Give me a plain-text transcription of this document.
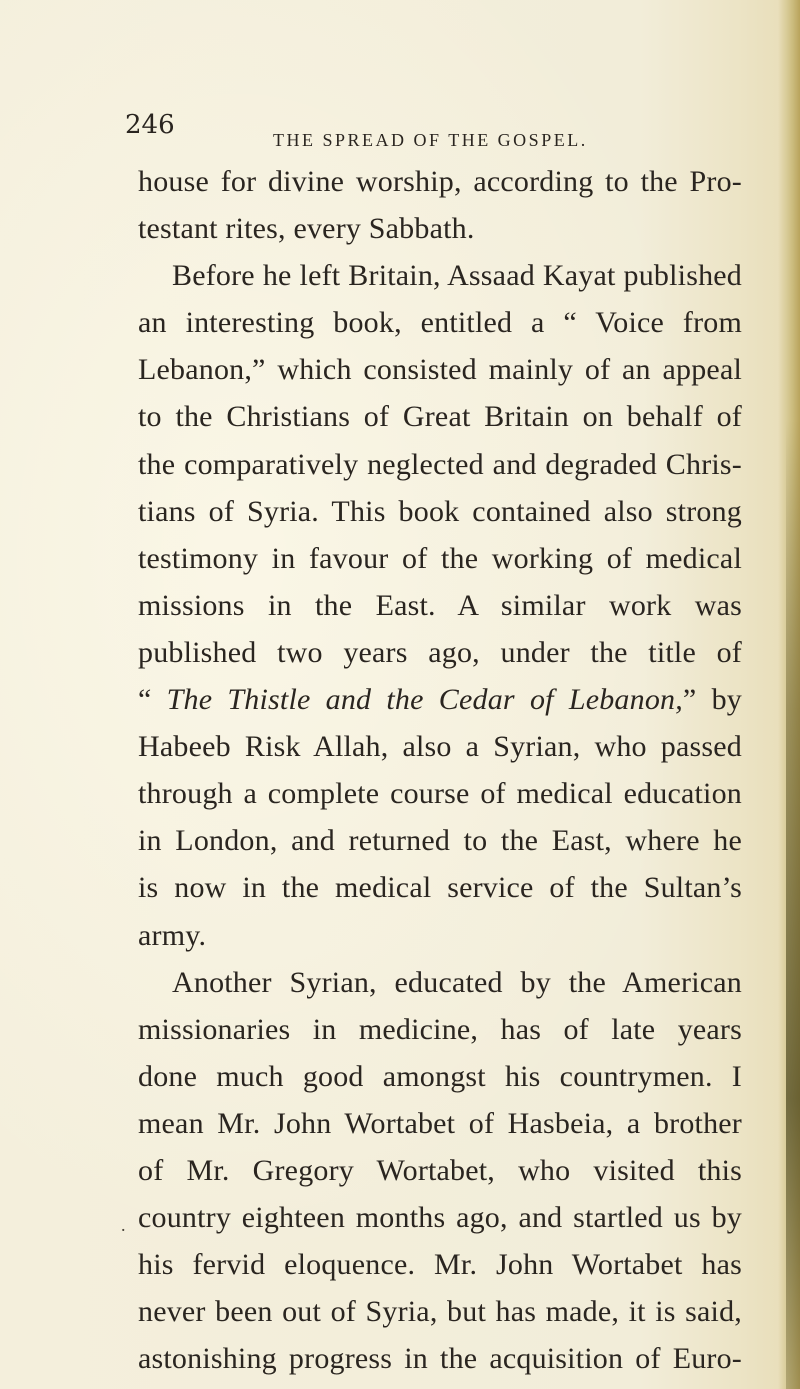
246	THE SPREAD OF THE GOSPEL.
house for divine worship, according to the Pro-
testant rites, every Sabbath.
Before he left Britain, Assaad Kayat published
an interesting book, entitled a “ Voice from
Lebanon,” which consisted mainly of an appeal
to the Christians of Great Britain on behalf of
the comparatively neglected and degraded Chris-
tians of Syria. This book contained also strong
testimony in favour of the working of medical
missions in the East. A similar work was
published two years ago, under the title of
“ The Thistle and the Cedar of Lebanon,” by
Habeeb Risk Allah, also a Syrian, who passed
through a complete course of medical education
in London, and returned to the East, where he
is now in the medical service of the Sultan’s
army.
Another Syrian, educated by the American
missionaries in medicine, has of late years
done much good amongst his countrymen. I
mean Mr. John Wortabet of Hasbeia, a brother
of Mr. Gregory Wortabet, who visited this
country eighteen months ago, and startled us by
his fervid eloquence. Mr. John Wortabet has
never been out of Syria, but has made, it is said,
astonishing progress in the acquisition of Euro-
.
